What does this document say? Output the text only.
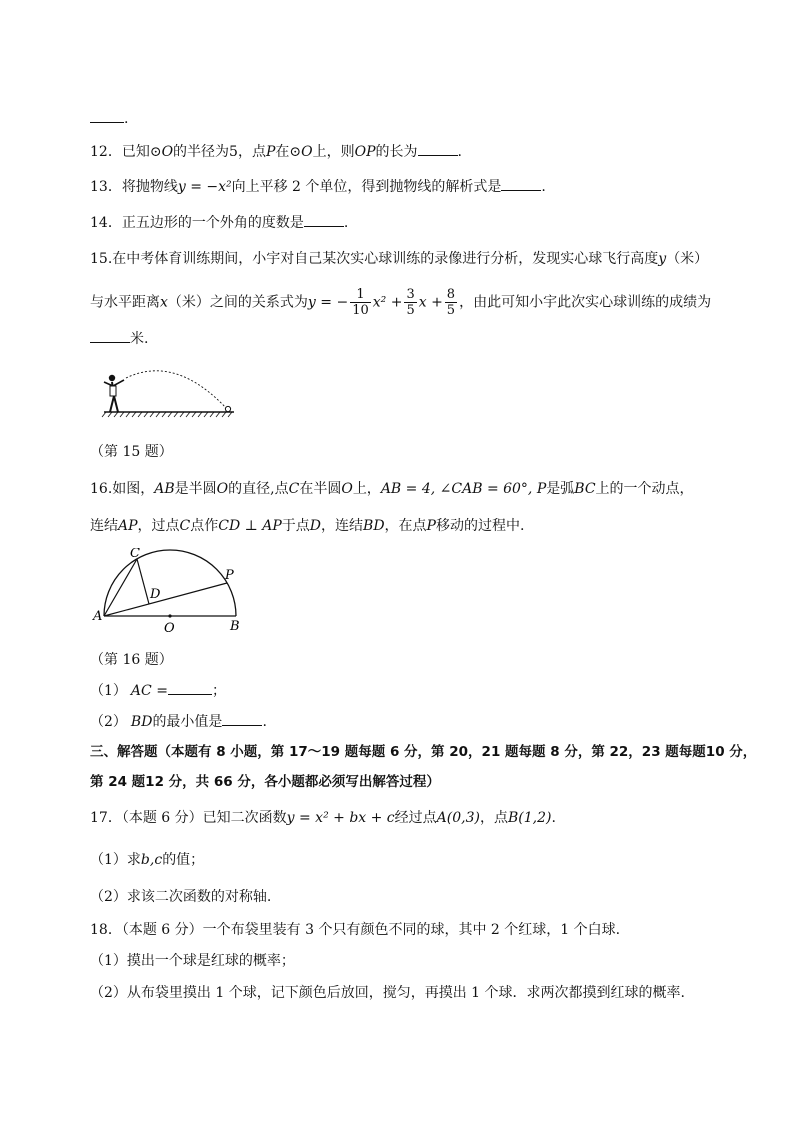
.
12．已知⊙O的半径为5，点P在⊙O上，则OP的长为	.
13．将抛物线y = −x²向上平移 2 个单位，得到抛物线的解析式是	.
14．正五边形的一个外角的度数是	.
15.在中考体育训练期间，小宇对自己某次实心球训练的录像进行分析，发现实心球飞行高度y（米）
与水平距离x（米）之间的关系式为y = − $\frac{1}{10} x^2 + \frac{3}{5}$ $x + \frac{8}{5}$ ，由此可知小宇此次实心球训练的成绩为
米.
（第 15 题）
16.如图，AB是半圆O的直径,点C在半圆O上，AB = 4, ∠CAB = 60°, P是弧BC上的一个动点，
连结AP，过点C点作CD ⊥ AP于点D，连结BD，在点P移动的过程中.
C
D
P
A
B
O
（第 16 题）
（1） AC =	；
（2） BD的最小值是	.
三、解答题（本题有 8 小题，第 17～19 题每题 6 分，第 20，21 题每题 8 分，第 22，23 题每题10 分，
第 24 题12 分，共 66 分，各小题都必须写出解答过程）
17．（本题 6 分）已知二次函数y = x² + bx + c经过点A(0,3)，点B(1,2).
（1）求b,c的值；
（2）求该二次函数的对称轴.
18．（本题 6 分）一个布袋里装有 3 个只有颜色不同的球，其中 2 个红球，1 个白球.
（1）摸出一个球是红球的概率；
（2）从布袋里摸出 1 个球，记下颜色后放回，搅匀，再摸出 1 个球．求两次都摸到红球的概率.
